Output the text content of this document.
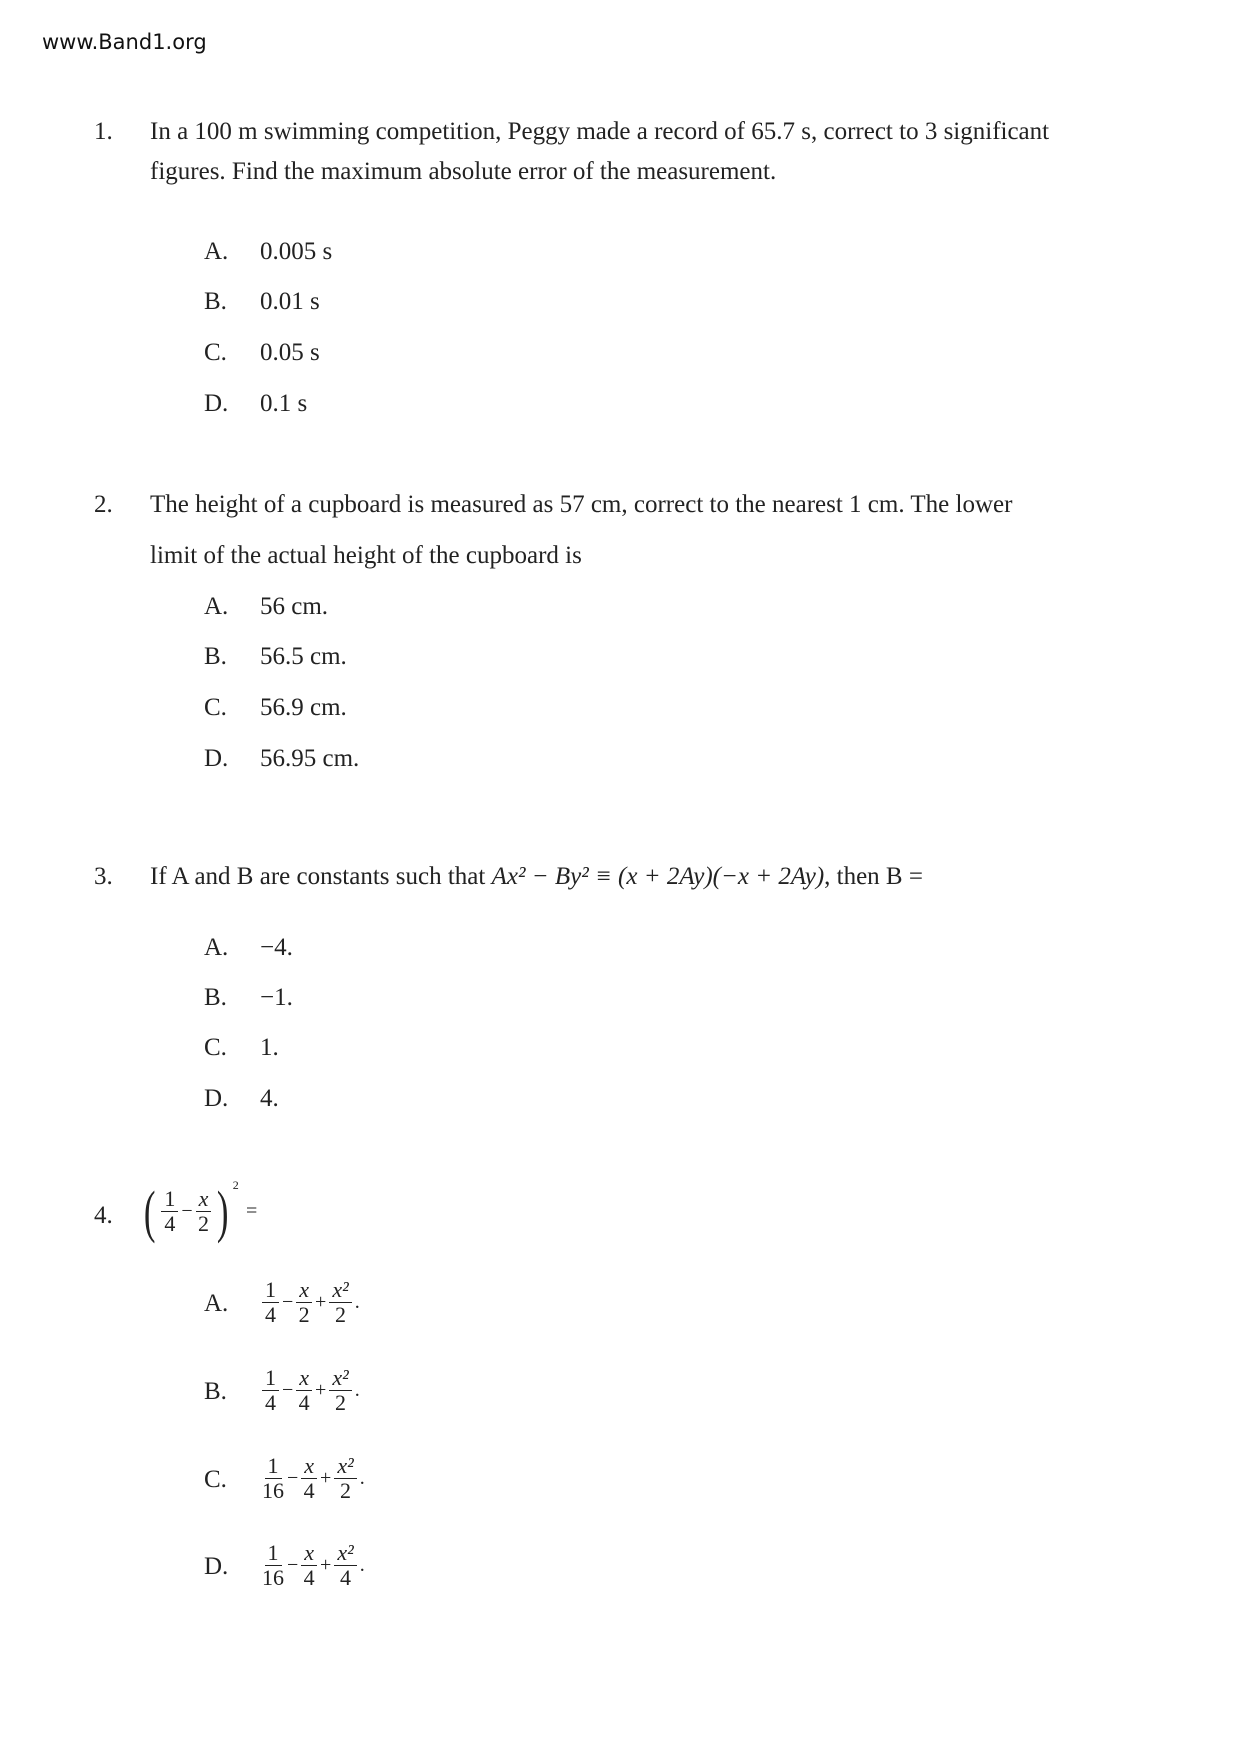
www.Band1.org
1. In a 100 m swimming competition, Peggy made a record of 65.7 s, correct to 3 significant
figures. Find the maximum absolute error of the measurement.
A. 0.005 s
B. 0.01 s
C. 0.05 s
D. 0.1 s
2. The height of a cupboard is measured as 57 cm, correct to the nearest 1 cm. The lower
limit of the actual height of the cupboard is
A. 56 cm.
B. 56.5 cm.
C. 56.9 cm.
D. 56.95 cm.
3. If A and B are constants such that Ax² − By² ≡ (x + 2Ay)(−x + 2Ay), then B =
A. −4.
B. −1.
C. 1.
D. 4.
4. ( $\frac{1}{4} - \frac{x}{2}$ ) $^2$ =
A. $\frac{1}{4} - \frac{x}{2} + \frac{\text{x²}}{2}$ .
B. $\frac{1}{4} - \frac{x}{4} + \frac{\text{x²}}{2}$ .
C. $\frac{1}{16} - \frac{x}{4} + \frac{\text{x²}}{2}$ .
D. $\frac{1}{16} - \frac{x}{4} + \frac{\text{x²}}{4}$ .
